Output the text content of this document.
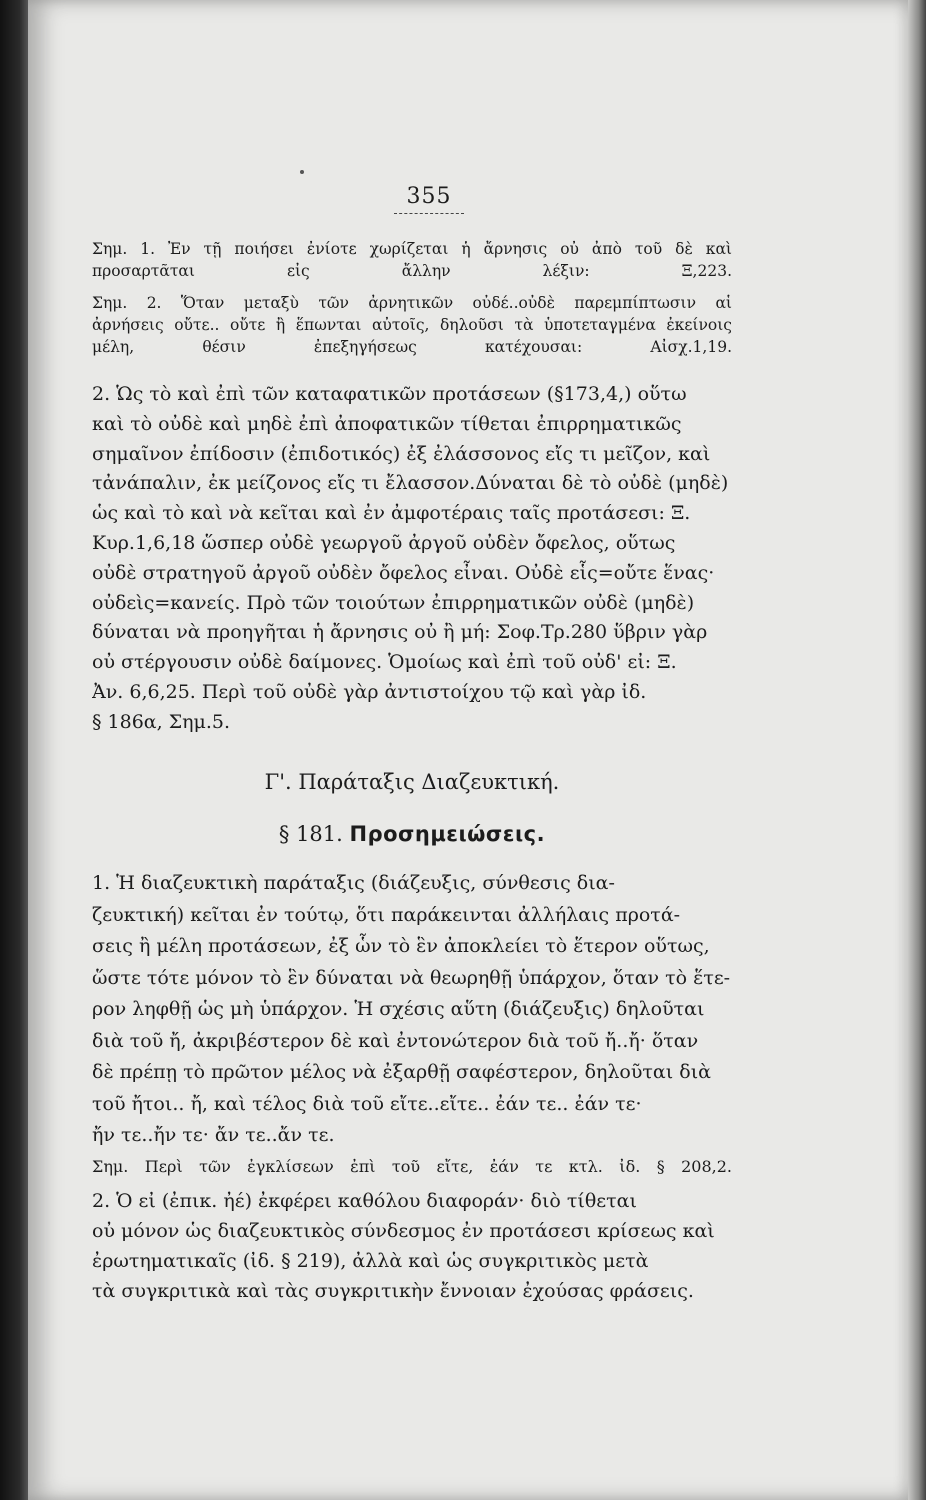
355
Σημ. 1. Ἐν τῇ ποιήσει ἐνίοτε χωρίζεται ἡ ἄρνησις οὐ ἀπὸ τοῦ δὲ καὶ
προσαρτᾶται εἰς ἄλλην λέξιν: Ξ,223.
Σημ. 2. Ὅταν μεταξὺ τῶν ἀρνητικῶν οὐδέ..οὐδὲ παρεμπίπτωσιν αἱ
ἀρνήσεις οὔτε.. οὔτε ἢ ἕπωνται αὐτοῖς, δηλοῦσι τὰ ὑποτεταγμένα ἐκείνοις
μέλη, θέσιν ἐπεξηγήσεως κατέχουσαι: Αἰσχ.1,19.
2. Ὡς τὸ καὶ ἐπὶ τῶν καταφατικῶν προτάσεων (§173,4,) οὕτω
καὶ τὸ οὐδὲ καὶ μηδὲ ἐπὶ ἀποφατικῶν τίθεται ἐπιρρηματικῶς
σημαῖνον ἐπίδοσιν (ἐπιδοτικός) ἐξ ἐλάσσονος εἴς τι μεῖζον, καὶ
τἀνάπαλιν, ἐκ μείζονος εἴς τι ἔλασσον.Δύναται δὲ τὸ οὐδὲ (μηδὲ)
ὡς καὶ τὸ καὶ νὰ κεῖται καὶ ἐν ἀμφοτέραις ταῖς προτάσεσι: Ξ.
Κυρ.1,6,18 ὥσπερ οὐδὲ γεωργοῦ ἀργοῦ οὐδὲν ὄφελος, οὕτως
οὐδὲ στρατηγοῦ ἀργοῦ οὐδὲν ὄφελος εἶναι. Οὐδὲ εἷς=οὔτε ἕνας·
οὐδεὶς=κανείς. Πρὸ τῶν τοιούτων ἐπιρρηματικῶν οὐδὲ (μηδὲ)
δύναται νὰ προηγῆται ἡ ἄρνησις οὐ ἢ μή: Σοφ.Τρ.280 ὕβριν γὰρ
οὐ στέργουσιν οὐδὲ δαίμονες. Ὁμοίως καὶ ἐπὶ τοῦ οὐδ' εἰ: Ξ.
Ἀν. 6,6,25. Περὶ τοῦ οὐδὲ γὰρ ἀντιστοίχου τῷ καὶ γὰρ ἰδ.
§ 186α, Σημ.5.
Γ'. Παράταξις Διαζευκτική.
§ 181. Προσημειώσεις.
1. Ἡ διαζευκτικὴ παράταξις (διάζευξις, σύνθεσις δια-
ζευκτική) κεῖται ἐν τούτῳ, ὅτι παράκεινται ἀλλήλαις προτά-
σεις ἢ μέλη προτάσεων, ἐξ ὧν τὸ ἓν ἀποκλείει τὸ ἕτερον οὕτως,
ὥστε τότε μόνον τὸ ἓν δύναται νὰ θεωρηθῇ ὑπάρχον, ὅταν τὸ ἕτε-
ρον ληφθῇ ὡς μὴ ὑπάρχον. Ἡ σχέσις αὕτη (διάζευξις) δηλοῦται
διὰ τοῦ ἤ, ἀκριβέστερον δὲ καὶ ἐντονώτερον διὰ τοῦ ἤ..ἤ· ὅταν
δὲ πρέπῃ τὸ πρῶτον μέλος νὰ ἐξαρθῇ σαφέστερον, δηλοῦται διὰ
τοῦ ἤτοι.. ἤ, καὶ τέλος διὰ τοῦ εἴτε..εἴτε.. ἐάν τε.. ἐάν τε·
ἤν τε..ἤν τε· ἄν τε..ἄν τε.
Σημ. Περὶ τῶν ἐγκλίσεων ἐπὶ τοῦ εἴτε, ἐάν τε κτλ. ἰδ. § 208,2.
2. Ὁ εἰ (ἐπικ. ἠέ) ἐκφέρει καθόλου διαφοράν· διὸ τίθεται
οὐ μόνον ὡς διαζευκτικὸς σύνδεσμος ἐν προτάσεσι κρίσεως καὶ
ἐρωτηματικαῖς (ἰδ. § 219), ἀλλὰ καὶ ὡς συγκριτικὸς μετὰ
τὰ συγκριτικὰ καὶ τὰς συγκριτικὴν ἔννοιαν ἐχούσας φράσεις.
